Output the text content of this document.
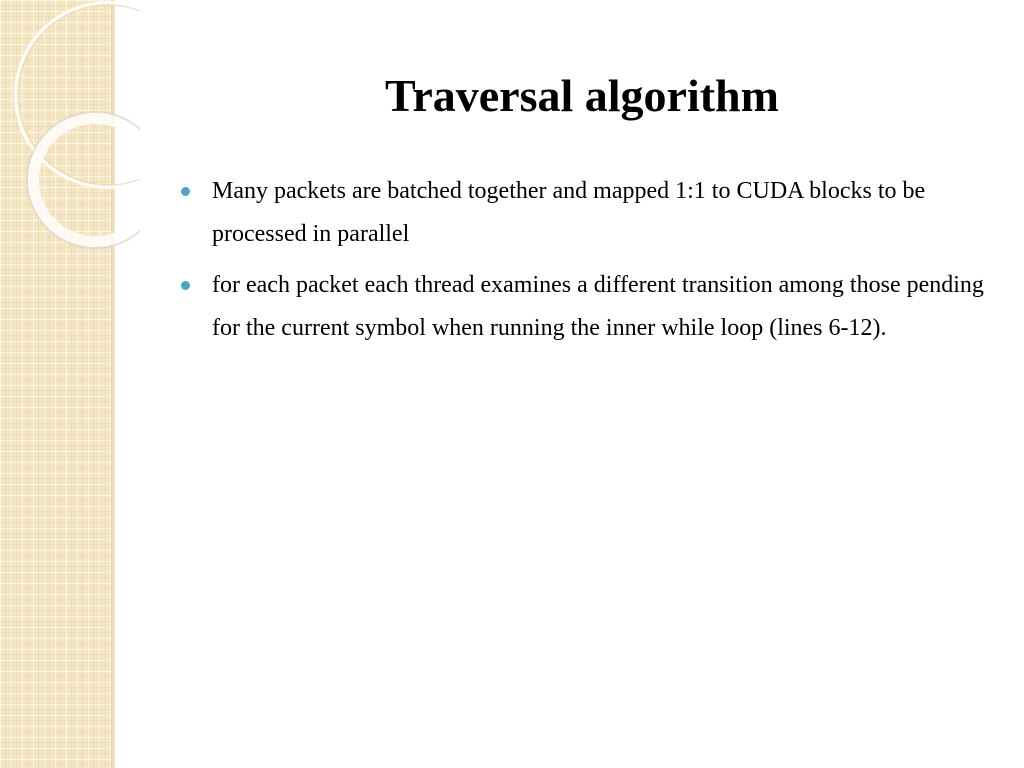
Traversal algorithm
Many packets are batched together and mapped 1:1 to CUDA blocks to be processed in parallel
for each packet each thread examines a different transition among those pending for the current symbol when running the inner while loop (lines 6-12).
